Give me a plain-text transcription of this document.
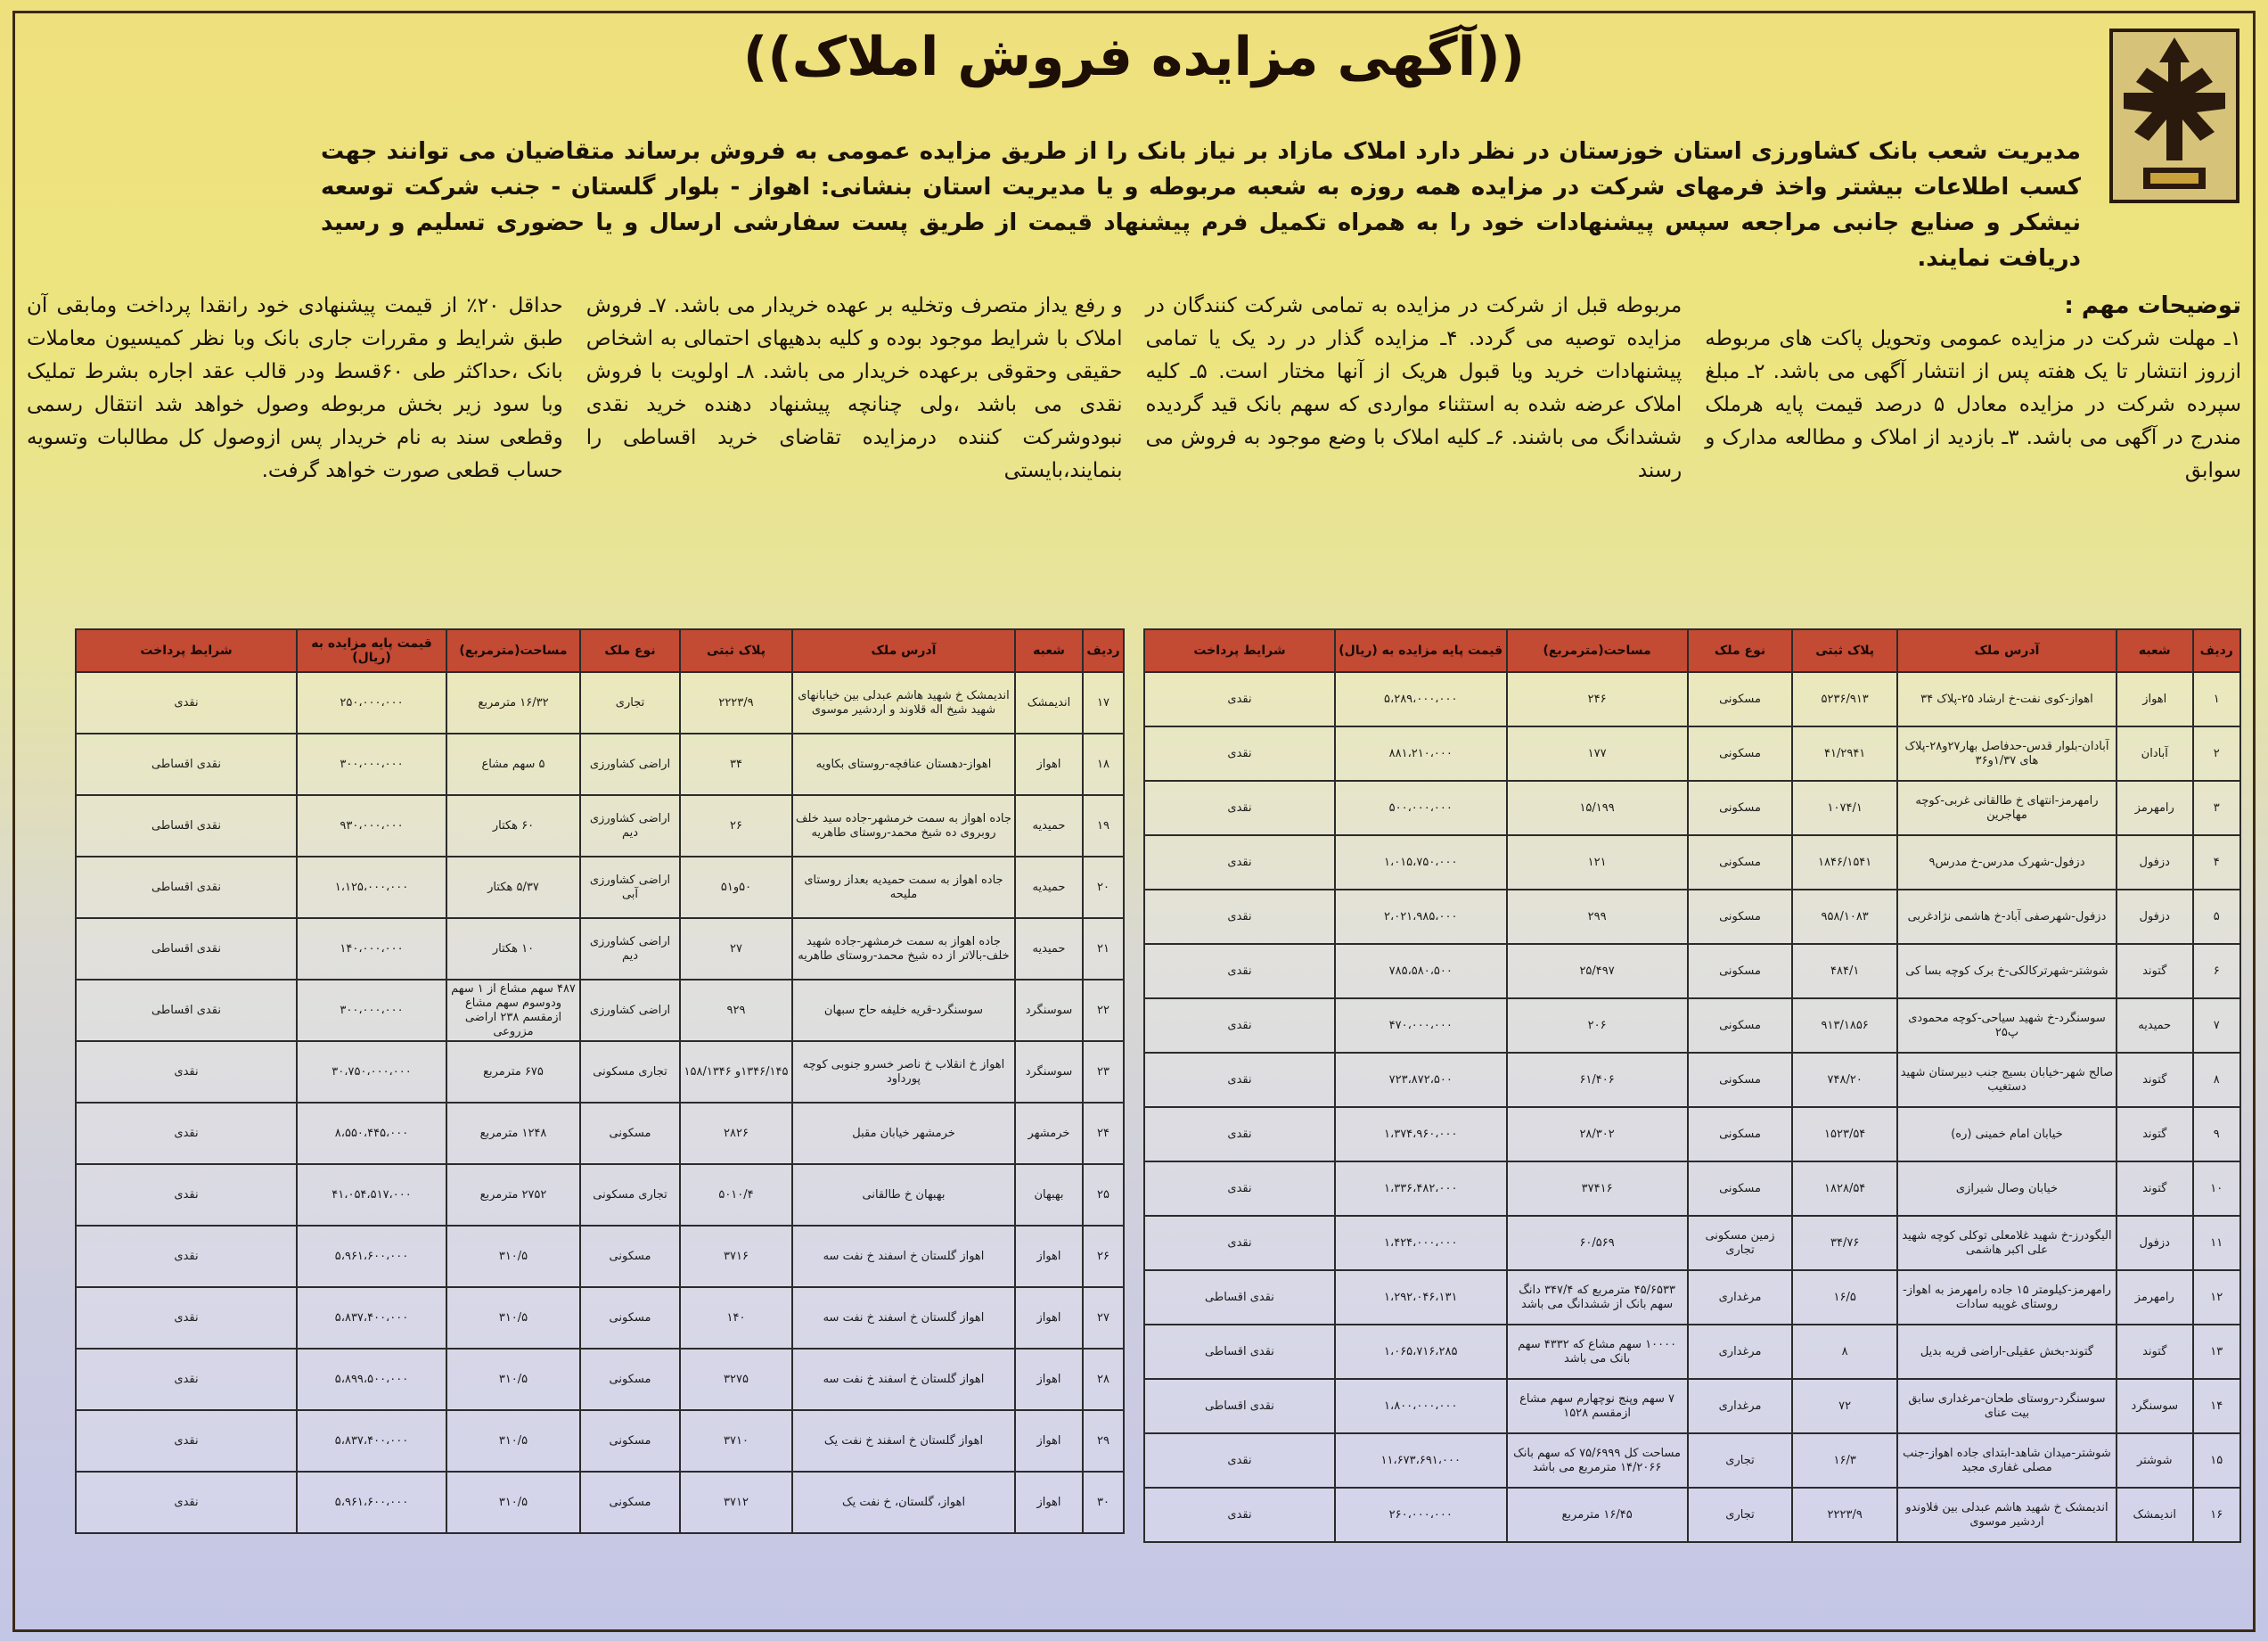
((آگهی مزایده فروش املاک))
مدیریت شعب بانک کشاورزی استان خوزستان در نظر دارد املاک مازاد بر نیاز بانک را از طریق مزایده عمومی به فروش برساند متقاضیان می توانند جهت کسب اطلاعات بیشتر واخذ فرمهای شرکت در مزایده همه روزه به شعبه مربوطه و یا مدیریت استان بنشانی: اهواز - بلوار گلستان - جنب شرکت توسعه نیشکر و صنایع جانبی مراجعه سپس پیشنهادات خود را به همراه تکمیل فرم پیشنهاد قیمت از طریق پست سفارشی ارسال و یا حضوری تسلیم و رسید دریافت نمایند.
توضیحات مهم :
۱ـ مهلت شرکت در مزایده عمومی وتحویل پاکت های مربوطه ازروز انتشار تا یک هفته پس از انتشار آگهی می باشد. ۲ـ مبلغ سپرده شرکت در مزایده معادل ۵ درصد قیمت پایه هرملک مندرج در آگهی می باشد. ۳ـ بازدید از املاک و مطالعه مدارک و سوابق
مربوطه قبل از شرکت در مزایده به تمامی شرکت کنندگان در مزایده توصیه می گردد. ۴ـ مزایده گذار در رد یک یا تمامی پیشنهادات خرید ویا قبول هریک از آنها مختار است. ۵ـ کلیه املاک عرضه شده به استثناء مواردی که سهم بانک قید گردیده ششدانگ می باشند. ۶ـ کلیه املاک با وضع موجود به فروش می رسند
و رفع یداز متصرف وتخلیه بر عهده خریدار می باشد. ۷ـ فروش املاک با شرایط موجود بوده و کلیه بدهیهای احتمالی به اشخاص حقیقی وحقوقی برعهده خریدار می باشد. ۸ـ اولویت با فروش نقدی می باشد ،ولی چنانچه پیشنهاد دهنده خرید نقدی نبودوشرکت کننده درمزایده تقاضای خرید اقساطی را بنمایند،بایستی
حداقل ۲۰٪ از قیمت پیشنهادی خود رانقدا پرداخت ومابقی آن طبق شرایط و مقررات جاری بانک وبا نظر کمیسیون معاملات بانک ،حداکثر طی ۶۰قسط ودر قالب عقد اجاره بشرط تملیک وبا سود زیر بخش مربوطه وصول خواهد شد انتقال رسمی وقطعی سند به نام خریدار پس ازوصول کل مطالبات وتسویه حساب قطعی صورت خواهد گرفت.
ردیف	شعبه	آدرس ملک	پلاک ثبتی	نوع ملک	مساحت(مترمربع)	قیمت پایه مزایده به (ریال)	شرایط پرداخت
۱	اهواز	اهواز-کوی نفت-خ ارشاد ۲۵-پلاک ۳۴	۵۲۳۶/۹۱۳	مسکونی	۲۴۶	۵،۲۸۹،۰۰۰،۰۰۰	نقدی
۲	آبادان	آبادان-بلوار قدس-حدفاصل بهار۲۷و۲۸-پلاک های ۱/۳۷و۳۶	۴۱/۲۹۴۱	مسکونی	۱۷۷	۸۸۱،۲۱۰،۰۰۰	نقدی
۳	رامهرمز	رامهرمز-انتهای خ طالقانی غربی-کوچه مهاجرین	۱۰۷۴/۱	مسکونی	۱۵/۱۹۹	۵۰۰،۰۰۰،۰۰۰	نقدی
۴	دزفول	دزفول-شهرک مدرس-خ مدرس۹	۱۸۴۶/۱۵۴۱	مسکونی	۱۲۱	۱،۰۱۵،۷۵۰،۰۰۰	نقدی
۵	دزفول	دزفول-شهرصفی آباد-خ هاشمی نژادغربی	۹۵۸/۱۰۸۳	مسکونی	۲۹۹	۲،۰۲۱،۹۸۵،۰۰۰	نقدی
۶	گتوند	شوشتر-شهرترکالکی-خ برک کوچه بسا کی	۴۸۴/۱	مسکونی	۲۵/۴۹۷	۷۸۵،۵۸۰،۵۰۰	نقدی
۷	حمیدیه	سوسنگرد-خ شهید سیاحی-کوچه محمودی پ۲۵	۹۱۳/۱۸۵۶	مسکونی	۲۰۶	۴۷۰،۰۰۰،۰۰۰	نقدی
۸	گتوند	صالح شهر-خیابان بسیج جنب دبیرستان شهید دستغیب	۷۴۸/۲۰	مسکونی	۶۱/۴۰۶	۷۲۳،۸۷۲،۵۰۰	نقدی
۹	گتوند	خیابان امام خمینی (ره)	۱۵۲۳/۵۴	مسکونی	۲۸/۳۰۲	۱،۳۷۴،۹۶۰،۰۰۰	نقدی
۱۰	گتوند	خیابان وصال شیرازی	۱۸۲۸/۵۴	مسکونی	۳۷۴۱۶	۱،۳۳۶،۴۸۲،۰۰۰	نقدی
۱۱	دزفول	الیگودرز-خ شهید غلامعلی توکلی کوچه شهید علی اکبر هاشمی	۳۴/۷۶	زمین مسکونی تجاری	۶۰/۵۶۹	۱،۴۲۴،۰۰۰،۰۰۰	نقدی
۱۲	رامهرمز	رامهرمز-کیلومتر ۱۵ جاده رامهرمز به اهواز-روستای غویبه سادات	۱۶/۵	مرغداری	۴۵/۶۵۳۳ مترمربع که ۳۴۷/۴ دانگ سهم بانک از ششدانگ می باشد	۱،۲۹۲،۰۴۶،۱۳۱	نقدی اقساطی
۱۳	گتوند	گتوند-بخش عقیلی-اراضی قریه بدیل	۸	مرغداری	۱۰۰۰۰ سهم مشاع که ۴۳۳۲ سهم بانک می باشد	۱،۰۶۵،۷۱۶،۲۸۵	نقدی اقساطی
۱۴	سوسنگرد	سوسنگرد-روستای طحان-مرغداری سابق بیت عنای	۷۲	مرغداری	۷ سهم وپنج نوچهارم سهم مشاع ازمقسم ۱۵۲۸	۱،۸۰۰،۰۰۰،۰۰۰	نقدی اقساطی
۱۵	شوشتر	شوشتر-میدان شاهد-ابتدای جاده اهواز-جنب مصلی غفاری مجید	۱۶/۳	تجاری	مساحت کل ۷۵/۶۹۹۹ که سهم بانک ۱۴/۲۰۶۶ مترمربع می باشد	۱۱،۶۷۳،۶۹۱،۰۰۰	نقدی
۱۶	اندیمشک	اندیمشک خ شهید هاشم عبدلی بین فلاوندو اردشیر موسوی	۲۲۲۳/۹	تجاری	۱۶/۴۵ مترمربع	۲۶۰،۰۰۰،۰۰۰	نقدی
ردیف	شعبه	آدرس ملک	پلاک ثبتی	نوع ملک	مساحت(مترمربع)	قیمت پایه مزایده به (ریال)	شرایط پرداخت
۱۷	اندیمشک	اندیمشک خ شهید هاشم عبدلی بین خیابانهای شهید شیخ اله قلاوند و اردشیر موسوی	۲۲۲۳/۹	تجاری	۱۶/۳۲ مترمربع	۲۵۰،۰۰۰،۰۰۰	نقدی
۱۸	اهواز	اهواز-دهستان عنافچه-روستای بکاویه	۳۴	اراضی کشاورزی	۵ سهم مشاع	۳۰۰،۰۰۰،۰۰۰	نقدی اقساطی
۱۹	حمیدیه	جاده اهواز به سمت خرمشهر-جاده سید خلف روبروی ده شیخ محمد-روستای طاهریه	۲۶	اراضی کشاورزی دیم	۶۰ هکتار	۹۳۰،۰۰۰،۰۰۰	نقدی اقساطی
۲۰	حمیدیه	جاده اهواز به سمت حمیدیه بعداز روستای ملیحه	۵۰و۵۱	اراضی کشاورزی آبی	۵/۳۷ هکتار	۱،۱۲۵،۰۰۰،۰۰۰	نقدی اقساطی
۲۱	حمیدیه	جاده اهواز به سمت خرمشهر-جاده شهید خلف-بالاتر از ده شیخ محمد-روستای طاهریه	۲۷	اراضی کشاورزی دیم	۱۰ هکتار	۱۴۰،۰۰۰،۰۰۰	نقدی اقساطی
۲۲	سوسنگرد	سوسنگرد-قریه خلیفه حاج سبهان	۹۲۹	اراضی کشاورزی	۴۸۷ سهم مشاع از ۱ سهم ودوسوم سهم مشاع ازمقسم ۲۳۸ اراضی مزروعی	۳۰۰،۰۰۰،۰۰۰	نقدی اقساطی
۲۳	سوسنگرد	اهواز خ انقلاب خ ناصر خسرو جنوبی کوچه پورداود	۱۳۴۶/۱۴۵و ۱۵۸/۱۳۴۶	تجاری مسکونی	۶۷۵ مترمربع	۳۰،۷۵۰،۰۰۰،۰۰۰	نقدی
۲۴	خرمشهر	خرمشهر خیابان مقبل	۲۸۲۶	مسکونی	۱۲۴۸ مترمربع	۸،۵۵۰،۴۴۵،۰۰۰	نقدی
۲۵	بهبهان	بهبهان خ طالقانی	۵۰۱۰/۴	تجاری مسکونی	۲۷۵۲ مترمربع	۴۱،۰۵۴،۵۱۷،۰۰۰	نقدی
۲۶	اهواز	اهواز گلستان خ اسفند خ نفت سه	۳۷۱۶	مسکونی	۳۱۰/۵	۵،۹۶۱،۶۰۰،۰۰۰	نقدی
۲۷	اهواز	اهواز گلستان خ اسفند خ نفت سه	۱۴۰	مسکونی	۳۱۰/۵	۵،۸۳۷،۴۰۰،۰۰۰	نقدی
۲۸	اهواز	اهواز گلستان خ اسفند خ نفت سه	۳۲۷۵	مسکونی	۳۱۰/۵	۵،۸۹۹،۵۰۰،۰۰۰	نقدی
۲۹	اهواز	اهواز گلستان خ اسفند خ نفت یک	۳۷۱۰	مسکونی	۳۱۰/۵	۵،۸۳۷،۴۰۰،۰۰۰	نقدی
۳۰	اهواز	اهواز، گلستان، خ نفت یک	۳۷۱۲	مسکونی	۳۱۰/۵	۵،۹۶۱،۶۰۰،۰۰۰	نقدی
